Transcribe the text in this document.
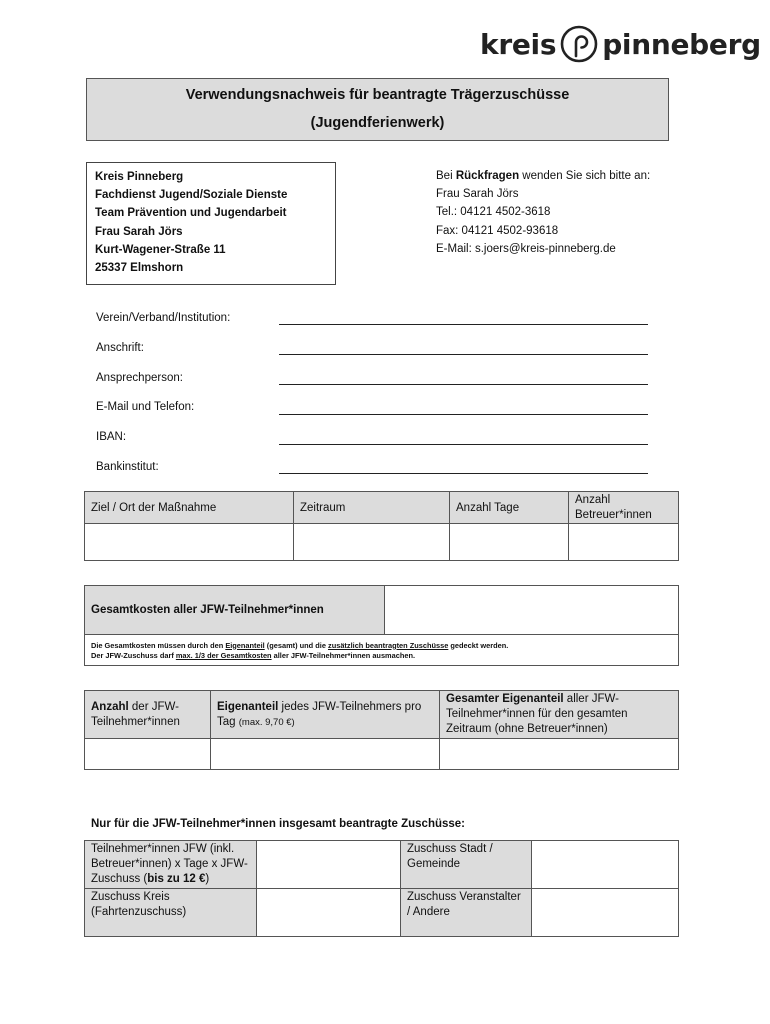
kreis pinneberg
Verwendungsnachweis für beantragte Trägerzuschüsse
(Jugendferienwerk)
Kreis Pinneberg
Fachdienst Jugend/Soziale Dienste
Team Prävention und Jugendarbeit
Frau Sarah Jörs
Kurt-Wagener-Straße 11
25337 Elmshorn
Bei Rückfragen wenden Sie sich bitte an:
Frau Sarah Jörs
Tel.: 04121 4502-3618
Fax: 04121 4502-93618
E-Mail: s.joers@kreis-pinneberg.de
Verein/Verband/Institution:
Anschrift:
Ansprechperson:
E-Mail und Telefon:
IBAN:
Bankinstitut:
Ziel / Ort der Maßnahme	Zeitraum	Anzahl Tage	Anzahl Betreuer*innen

Gesamtkosten aller JFW-Teilnehmer*innen	

Die Gesamtkosten müssen durch den Eigenanteil (gesamt) und die zusätzlich beantragten Zuschüsse gedeckt werden.
Der JFW-Zuschuss darf max. 1/3 der Gesamtkosten aller JFW-Teilnehmer*innen ausmachen.
Anzahl der JFW-Teilnehmer*innen	Eigenanteil jedes JFW-Teilnehmers pro Tag (max. 9,70 €)	Gesamter Eigenanteil aller JFW-Teilnehmer*innen für den gesamten Zeitraum (ohne Betreuer*innen)

Nur für die JFW-Teilnehmer*innen insgesamt beantragte Zuschüsse:
Teilnehmer*innen JFW (inkl. Betreuer*innen) x Tage x JFW-Zuschuss (bis zu 12 €)		Zuschuss Stadt / Gemeinde	
Zuschuss Kreis (Fahrtenzuschuss)		Zuschuss Veranstalter / Andere	
